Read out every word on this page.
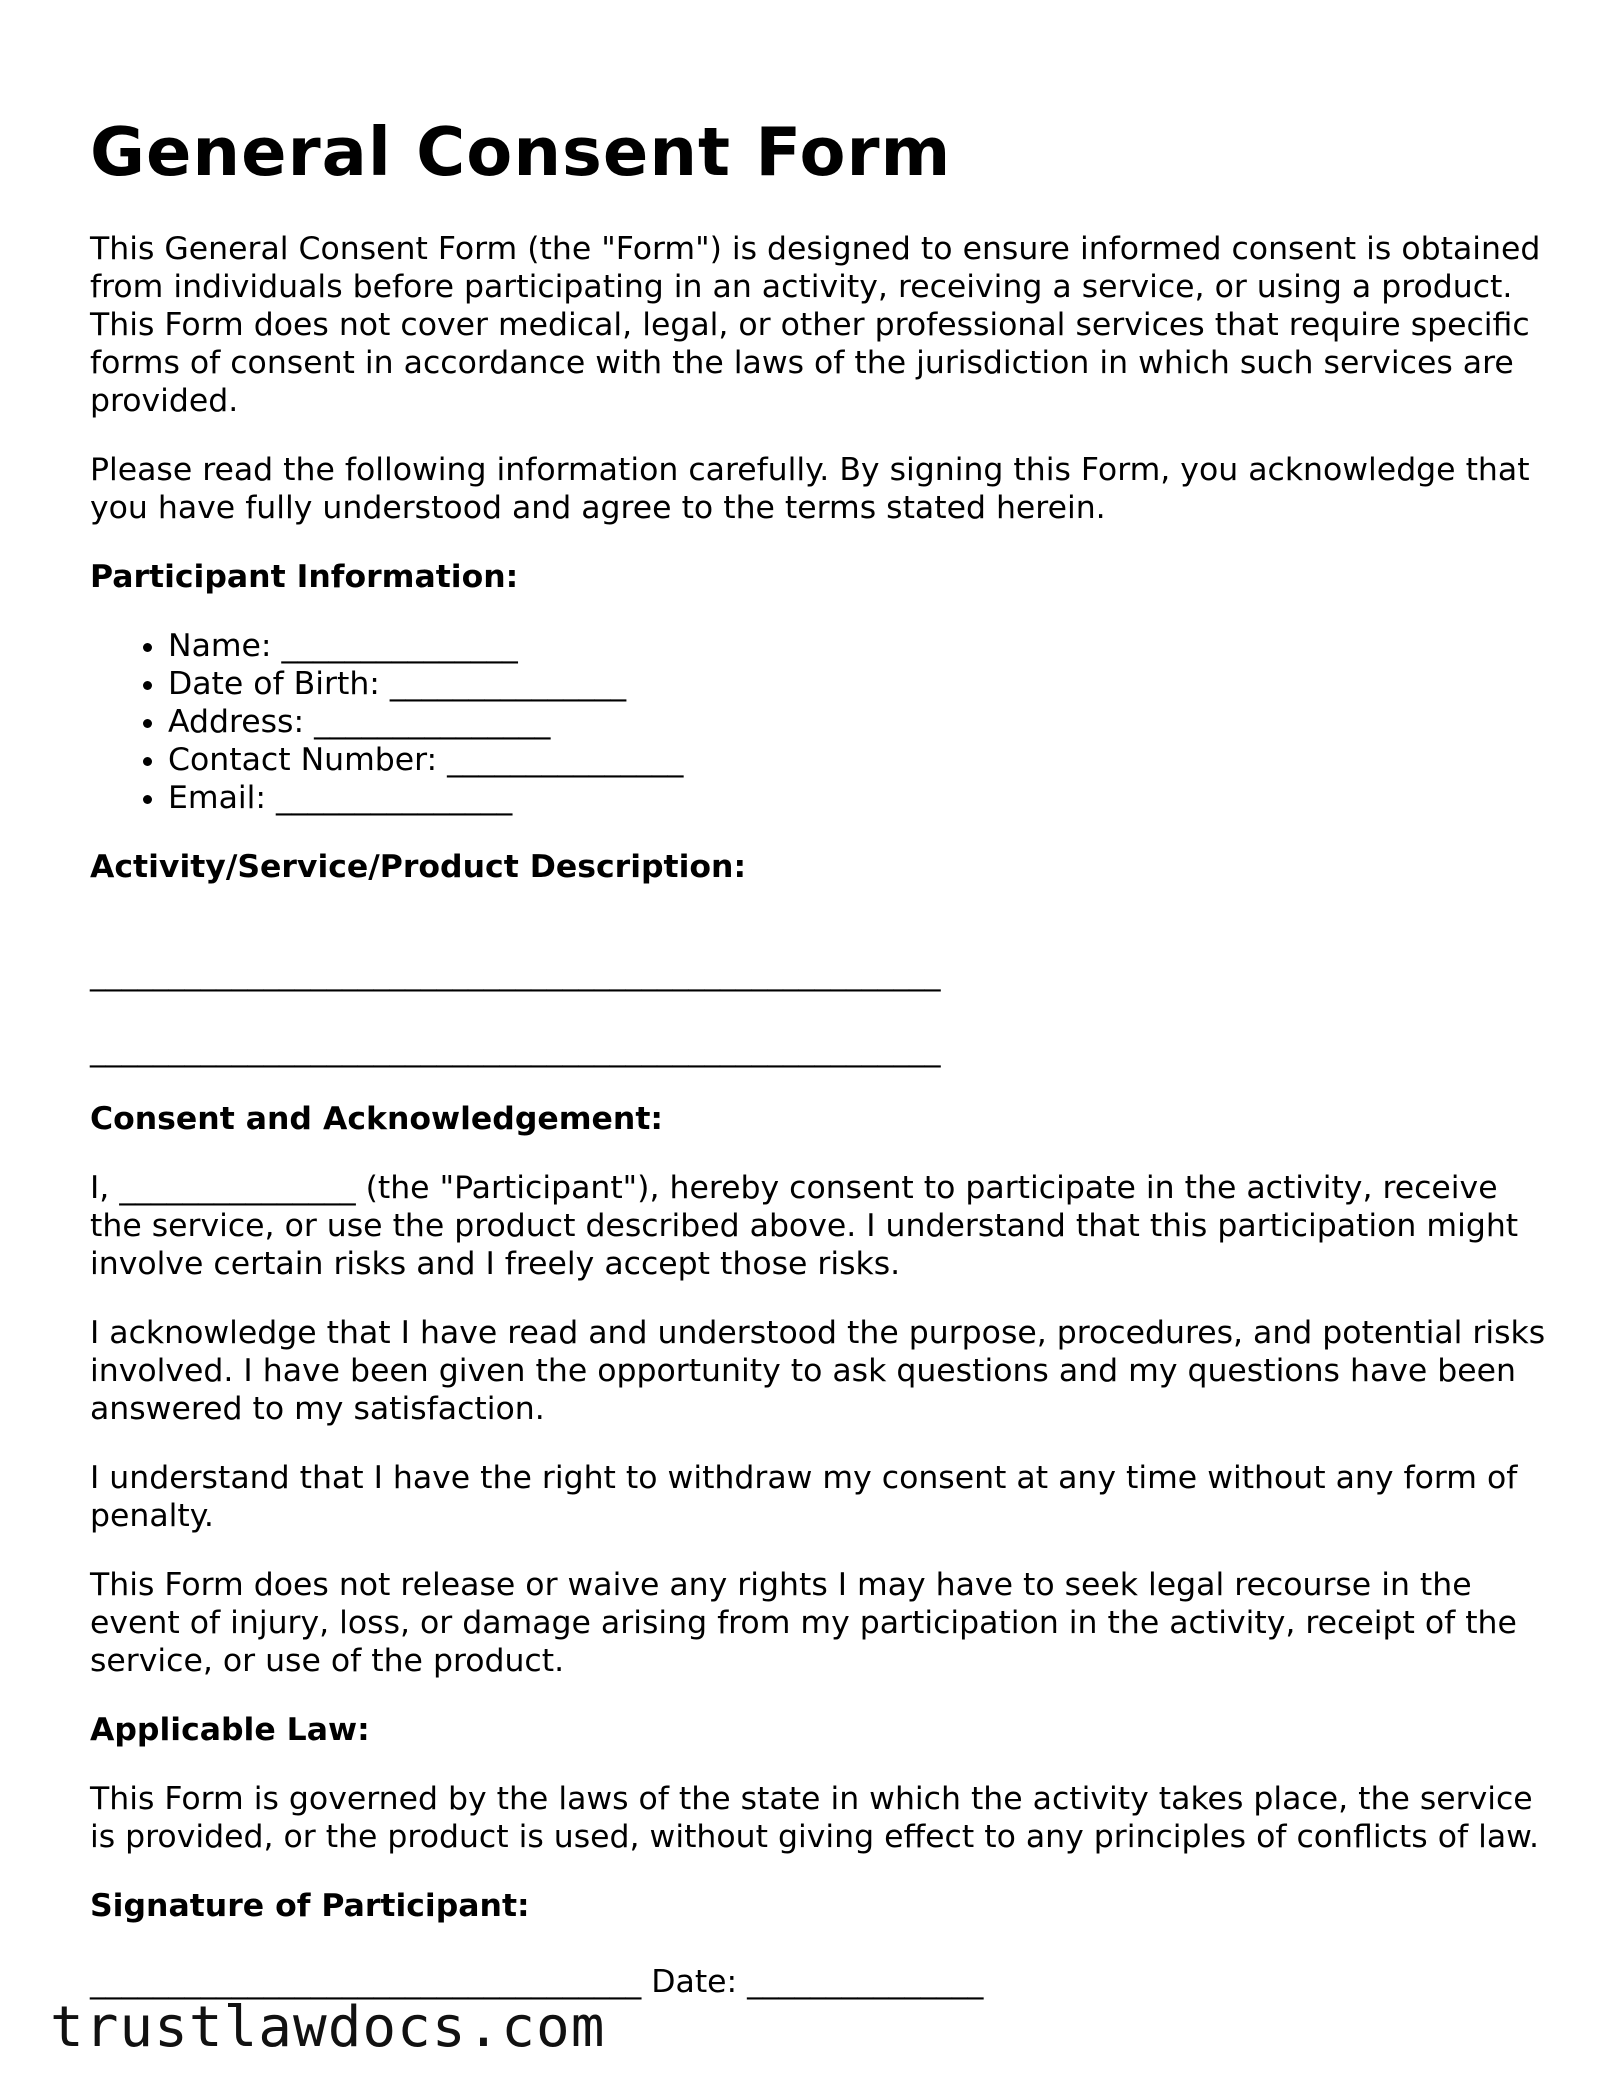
General Consent Form

This General Consent Form (the "Form") is designed to ensure informed consent is obtained from individuals before participating in an activity, receiving a service, or using a product. This Form does not cover medical, legal, or other professional services that require specific forms of consent in accordance with the laws of the jurisdiction in which such services are provided.

Please read the following information carefully. By signing this Form, you acknowledge that you have fully understood and agree to the terms stated herein.

Participant Information:
• Name: _______________
• Date of Birth: _______________
• Address: _______________
• Contact Number: _______________
• Email: _______________
Activity/Service/Product Description:
______________________________________________________
______________________________________________________
Consent and Acknowledgement:

I, _______________ (the "Participant"), hereby consent to participate in the activity, receive the service, or use the product described above. I understand that this participation might involve certain risks and I freely accept those risks.

I acknowledge that I have read and understood the purpose, procedures, and potential risks involved. I have been given the opportunity to ask questions and my questions have been answered to my satisfaction.

I understand that I have the right to withdraw my consent at any time without any form of penalty.

This Form does not release or waive any rights I may have to seek legal recourse in the event of injury, loss, or damage arising from my participation in the activity, receipt of the service, or use of the product.

Applicable Law:

This Form is governed by the laws of the state in which the activity takes place, the service is provided, or the product is used, without giving effect to any principles of conflicts of law.

Signature of Participant:
___________________________________ Date: _______________
trustlawdocs.com
